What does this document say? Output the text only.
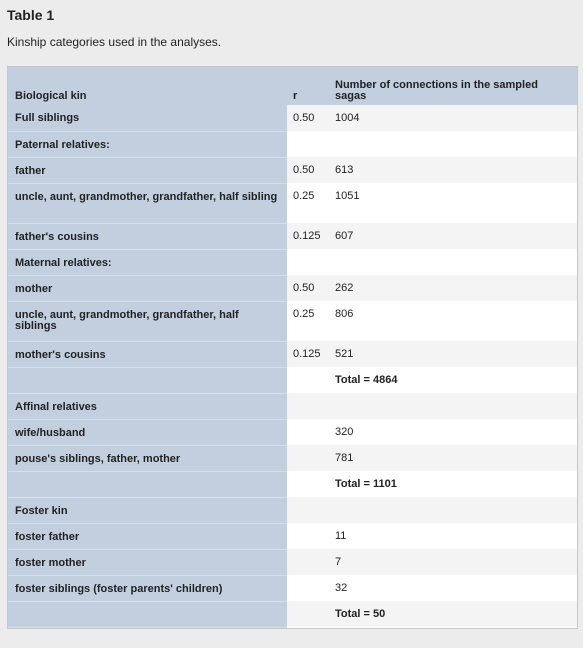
Table 1

Kinship categories used in the analyses.

Biological kin	r	Number of connections in the sampled sagas
Full siblings	0.50	1004
Paternal relatives:		
father	0.50	613
uncle, aunt, grandmother, grandfather, half sibling	0.25	1051
father's cousins	0.125	607
Maternal relatives:		
mother	0.50	262
uncle, aunt, grandmother, grandfather, half siblings	0.25	806
mother's cousins	0.125	521
		Total = 4864
Affinal relatives		
wife/husband		320
pouse's siblings, father, mother		781
		Total = 1101
Foster kin		
foster father		11
foster mother		7
foster siblings (foster parents' children)		32
		Total = 50
